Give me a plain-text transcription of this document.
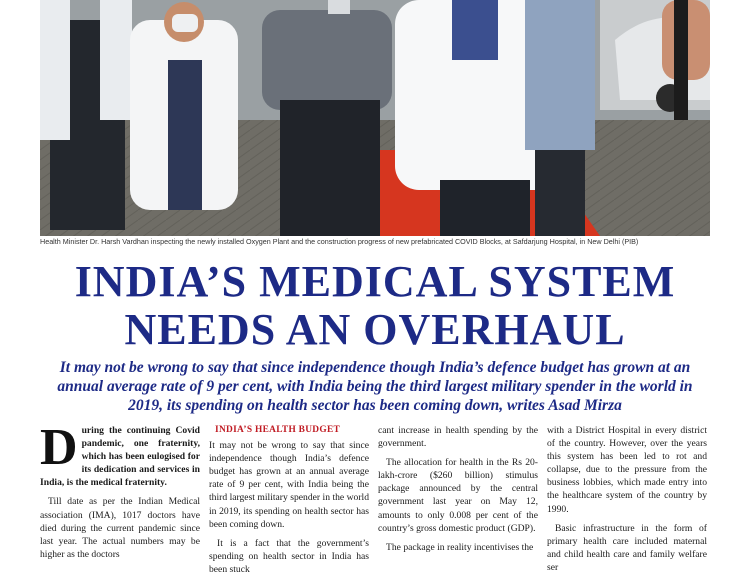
Health Minister Dr. Harsh Vardhan inspecting the newly installed Oxygen Plant and the construction progress of new prefabricated COVID Blocks, at Safdarjung Hospital, in New Delhi (PIB)
INDIA’S MEDICAL SYSTEM
NEEDS AN OVERHAUL

It may not be wrong to say that since independence though India’s defence budget has grown at an annual average rate of 9 per cent, with India being the third largest military spender in the world in 2019, its spending on health sector has been coming down, writes Asad Mirza

During the continuing Covid pandemic, one fraternity, which has been eulogised for its dedication and services in India, is the medical fraternity.

Till date as per the Indian Medical association (IMA), 1017 doctors have died during the current pandemic since last year. The actual numbers may be higher as the doctors

INDIA’S HEALTH BUDGET

It may not be wrong to say that since independence though India’s defence budget has grown at an annual average rate of 9 per cent, with India being the third largest military spender in the world in 2019, its spending on health sector has been coming down.

It is a fact that the government’s spending on health sector in India has been stuck

cant increase in health spending by the government.

The allocation for health in the Rs 20-lakh-crore ($260 billion) stimulus package announced by the central government last year on May 12, amounts to only 0.008 per cent of the country’s gross domestic product (GDP).

The package in reality incentivises the

with a District Hospital in every district of the country. However, over the years this system has been led to rot and collapse, due to the pressure from the business lobbies, which made entry into the healthcare system of the country by 1990.

Basic infrastructure in the form of primary health care included maternal and child health care and family welfare ser
